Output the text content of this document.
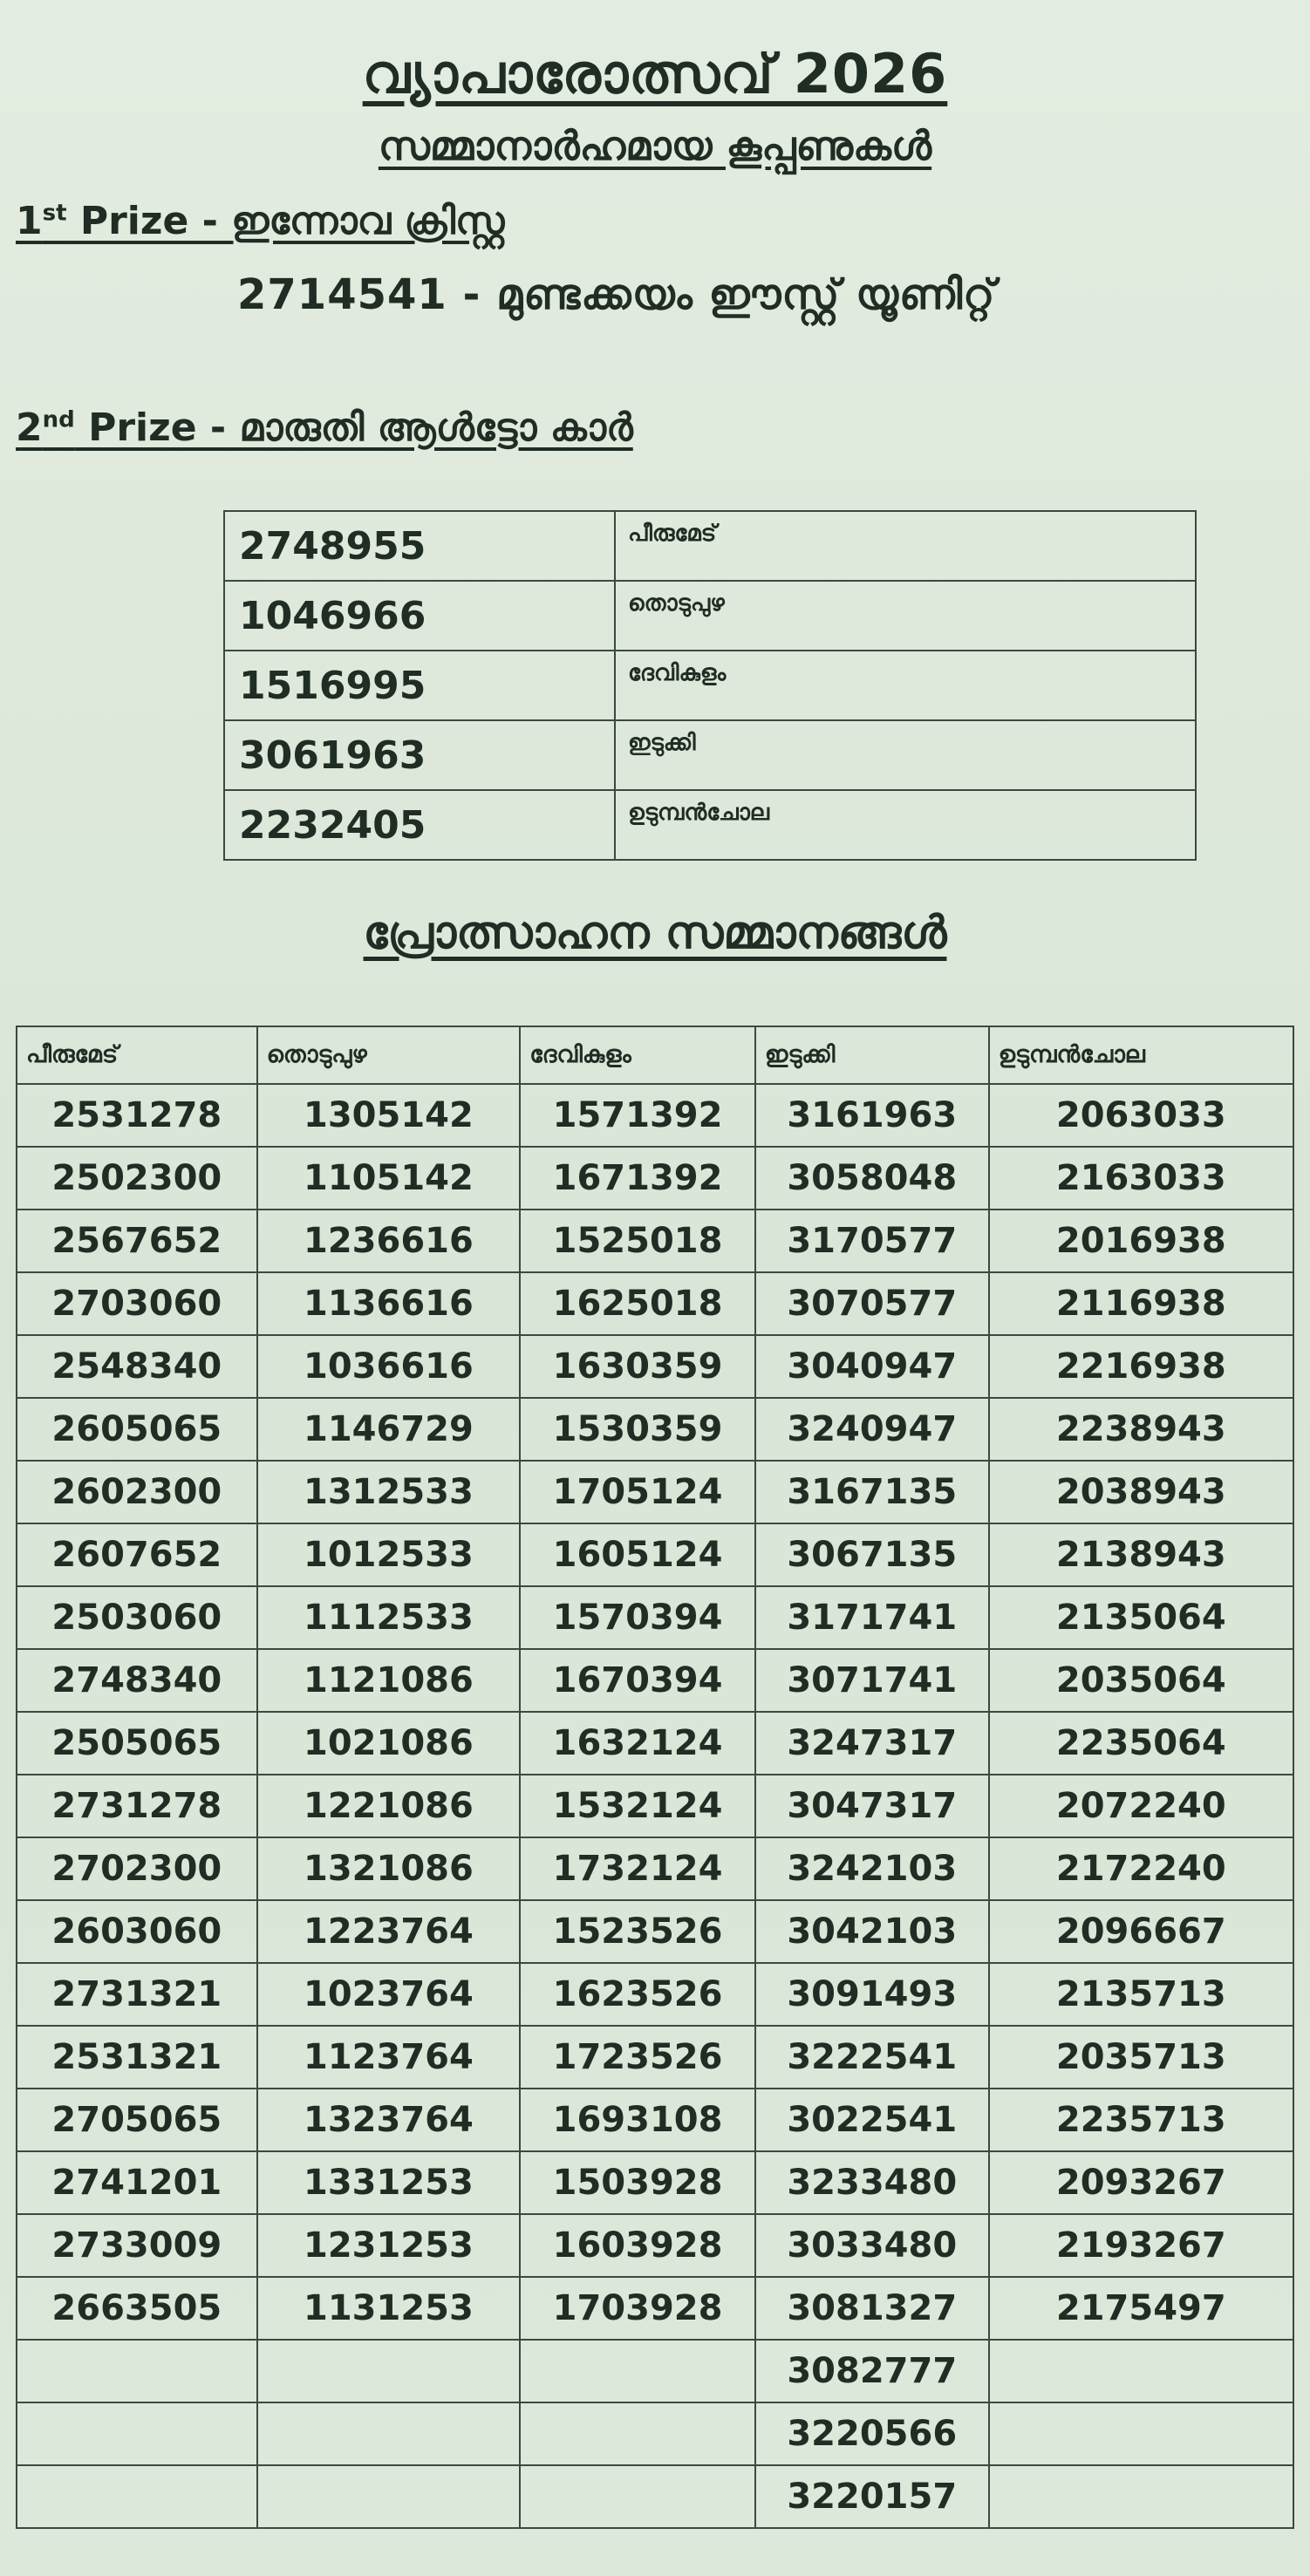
വ്യാപാരോത്സവ് 2026
സമ്മാനാർഹമായ കൂപ്പണുകൾ
1st Prize - ഇന്നോവ ക്രിസ്റ്റ
2714541 - മുണ്ടക്കയം ഈസ്റ്റ് യൂണിറ്റ്
2nd Prize - മാരുതി ആൾട്ടോ കാർ
2748955	പീരുമേട്
1046966	തൊടുപുഴ
1516995	ദേവികുളം
3061963	ഇടുക്കി
2232405	ഉടുമ്പൻചോല
പ്രോത്സാഹന സമ്മാനങ്ങൾ
പീരുമേട്	തൊടുപുഴ	ദേവികുളം	ഇടുക്കി	ഉടുമ്പൻചോല
2531278	1305142	1571392	3161963	2063033
2502300	1105142	1671392	3058048	2163033
2567652	1236616	1525018	3170577	2016938
2703060	1136616	1625018	3070577	2116938
2548340	1036616	1630359	3040947	2216938
2605065	1146729	1530359	3240947	2238943
2602300	1312533	1705124	3167135	2038943
2607652	1012533	1605124	3067135	2138943
2503060	1112533	1570394	3171741	2135064
2748340	1121086	1670394	3071741	2035064
2505065	1021086	1632124	3247317	2235064
2731278	1221086	1532124	3047317	2072240
2702300	1321086	1732124	3242103	2172240
2603060	1223764	1523526	3042103	2096667
2731321	1023764	1623526	3091493	2135713
2531321	1123764	1723526	3222541	2035713
2705065	1323764	1693108	3022541	2235713
2741201	1331253	1503928	3233480	2093267
2733009	1231253	1603928	3033480	2193267
2663505	1131253	1703928	3081327	2175497
			3082777	
			3220566	
			3220157	
